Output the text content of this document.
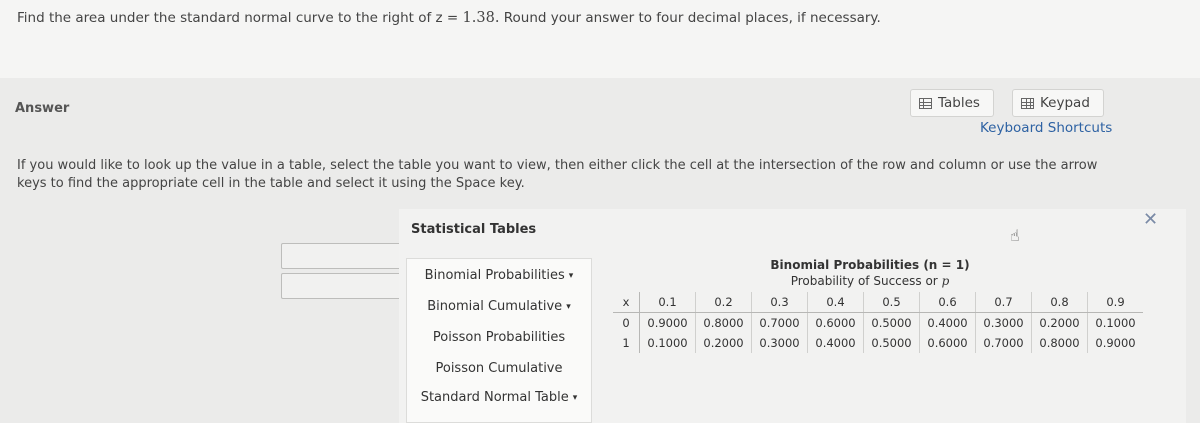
Find the area under the standard normal curve to the right of z = 1.38. Round your answer to four decimal places, if necessary.
Answer	Tables	Keypad
Keyboard Shortcuts
If you would like to look up the value in a table, select the table you want to view, then either click the cell at the intersection of the row and column or use the arrow keys to find the appropriate cell in the table and select it using the Space key.
Statistical Tables	✕
☝
Binomial Probabilities ▾
Binomial Cumulative ▾
Poisson Probabilities
Poisson Cumulative
Standard Normal Table ▾
Binomial Probabilities (n = 1)
Probability of Success or p
x	0.1	0.2	0.3	0.4	0.5	0.6	0.7	0.8	0.9
0	0.9000	0.8000	0.7000	0.6000	0.5000	0.4000	0.3000	0.2000	0.1000
1	0.1000	0.2000	0.3000	0.4000	0.5000	0.6000	0.7000	0.8000	0.9000
